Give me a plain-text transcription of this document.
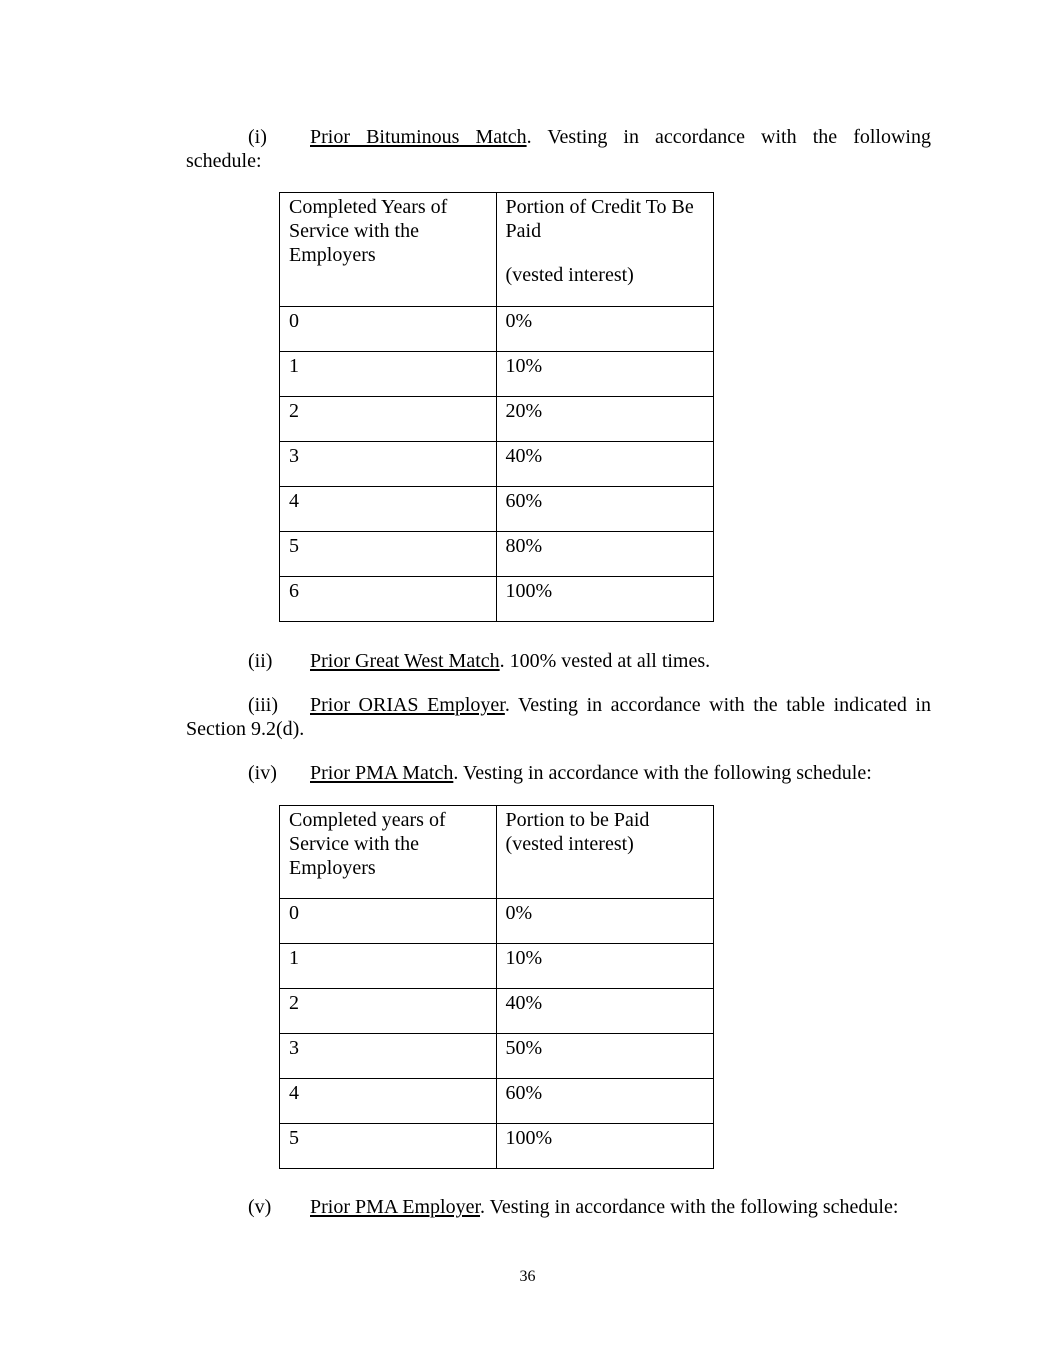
(i) Prior Bituminous Match. Vesting in accordance with the following
schedule:
Completed Years of Service with the Employers	Portion of Credit To Be Paid
(vested interest)

0	0%
1	10%
2	20%
3	40%
4	60%
5	80%
6	100%
(ii) Prior Great West Match. 100% vested at all times.
(iii) Prior ORIAS Employer. Vesting in accordance with the table indicated in
Section 9.2(d).
(iv) Prior PMA Match. Vesting in accordance with the following schedule:
Completed years of Service with the Employers	Portion to be Paid (vested interest)
0	0%
1	10%
2	40%
3	50%
4	60%
5	100%
(v) Prior PMA Employer. Vesting in accordance with the following schedule:
36
